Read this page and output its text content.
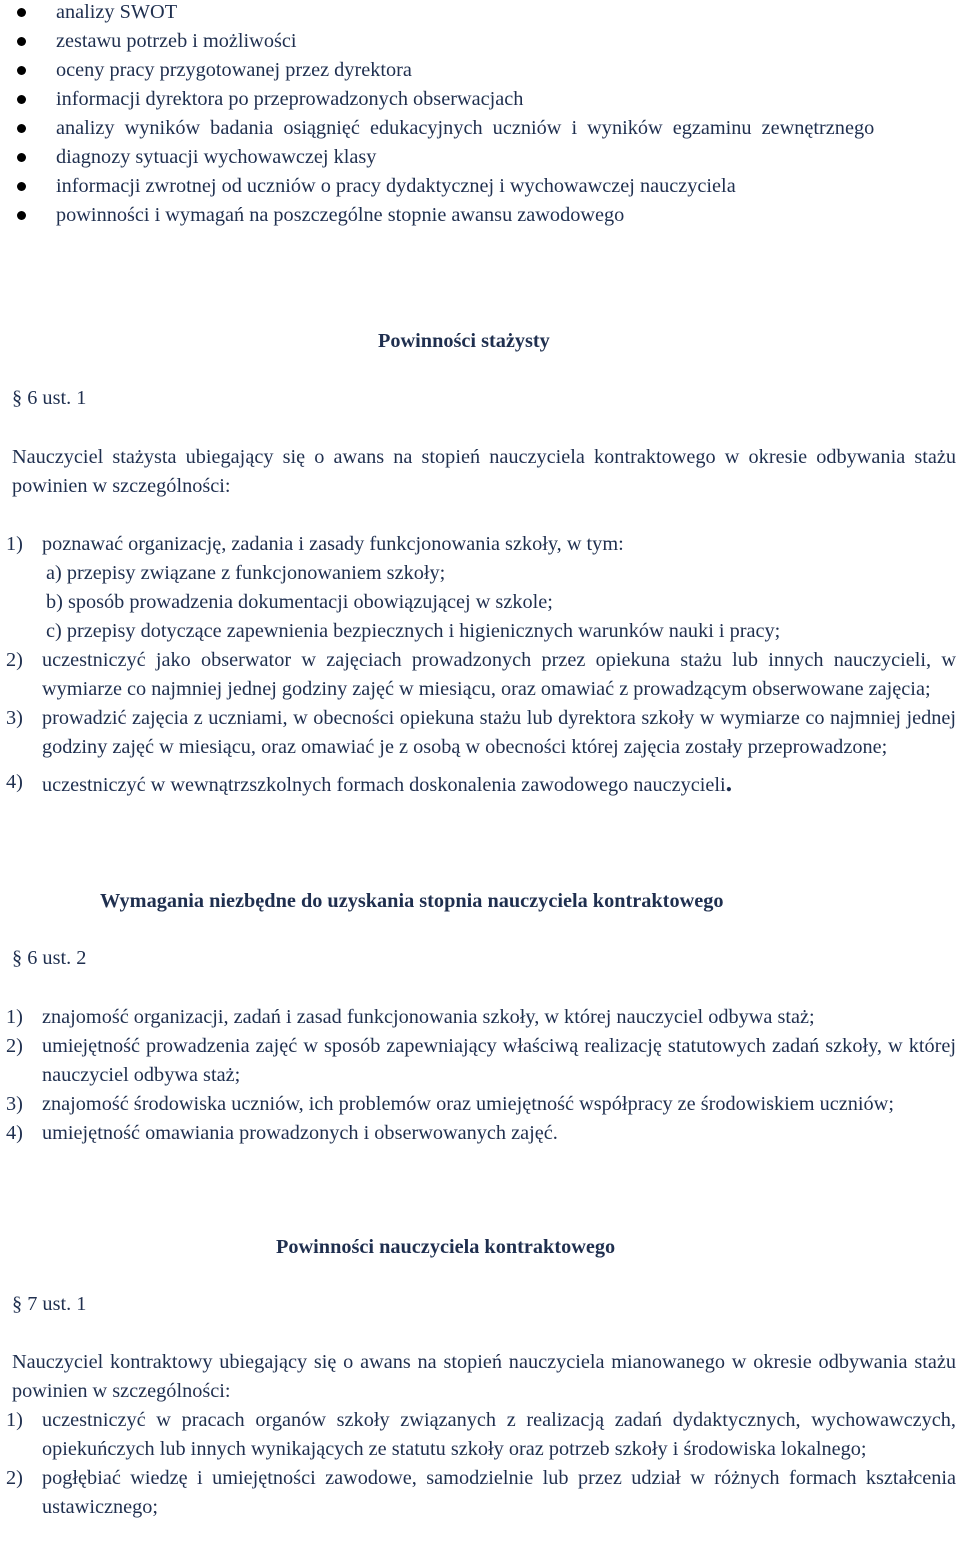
analizy SWOT
zestawu potrzeb i możliwości
oceny pracy przygotowanej przez dyrektora
informacji dyrektora po przeprowadzonych obserwacjach
analizy wyników badania osiągnięć edukacyjnych uczniów i wyników egzaminu zewnętrznego
diagnozy sytuacji wychowawczej klasy
informacji zwrotnej od uczniów o pracy dydaktycznej i wychowawczej nauczyciela
powinności i wymagań na poszczególne stopnie awansu zawodowego
Powinności stażysty
§ 6 ust. 1

Nauczyciel stażysta ubiegający się o awans na stopień nauczyciela kontraktowego w okresie odbywania stażu powinien w szczególności:

1) poznawać organizację, zadania i zasady funkcjonowania szkoły, w tym:
a) przepisy związane z funkcjonowaniem szkoły;
b) sposób prowadzenia dokumentacji obowiązującej w szkole;
c) przepisy dotyczące zapewnienia bezpiecznych i higienicznych warunków nauki i pracy;
2) uczestniczyć jako obserwator w zajęciach prowadzonych przez opiekuna stażu lub innych nauczycieli, w wymiarze co najmniej jednej godziny zajęć w miesiącu, oraz omawiać z prowadzącym obserwowane zajęcia;
3) prowadzić zajęcia z uczniami, w obecności opiekuna stażu lub dyrektora szkoły w wymiarze co najmniej jednej godziny zajęć w miesiącu, oraz omawiać je z osobą w obecności której zajęcia zostały przeprowadzone;
4) uczestniczyć w wewnątrzszkolnych formach doskonalenia zawodowego nauczycieli.
Wymagania niezbędne do uzyskania stopnia nauczyciela kontraktowego
§ 6 ust. 2
1) znajomość organizacji, zadań i zasad funkcjonowania szkoły, w której nauczyciel odbywa staż;
2) umiejętność prowadzenia zajęć w sposób zapewniający właściwą realizację statutowych zadań szkoły, w której nauczyciel odbywa staż;
3) znajomość środowiska uczniów, ich problemów oraz umiejętność współpracy ze środowiskiem uczniów;
4) umiejętność omawiania prowadzonych i obserwowanych zajęć.
Powinności nauczyciela kontraktowego
§ 7 ust. 1

Nauczyciel kontraktowy ubiegający się o awans na stopień nauczyciela mianowanego w okresie odbywania stażu powinien w szczególności:

1) uczestniczyć w pracach organów szkoły związanych z realizacją zadań dydaktycznych, wychowawczych, opiekuńczych lub innych wynikających ze statutu szkoły oraz potrzeb szkoły i środowiska lokalnego;
2) pogłębiać wiedzę i umiejętności zawodowe, samodzielnie lub przez udział w różnych formach kształcenia ustawicznego;
